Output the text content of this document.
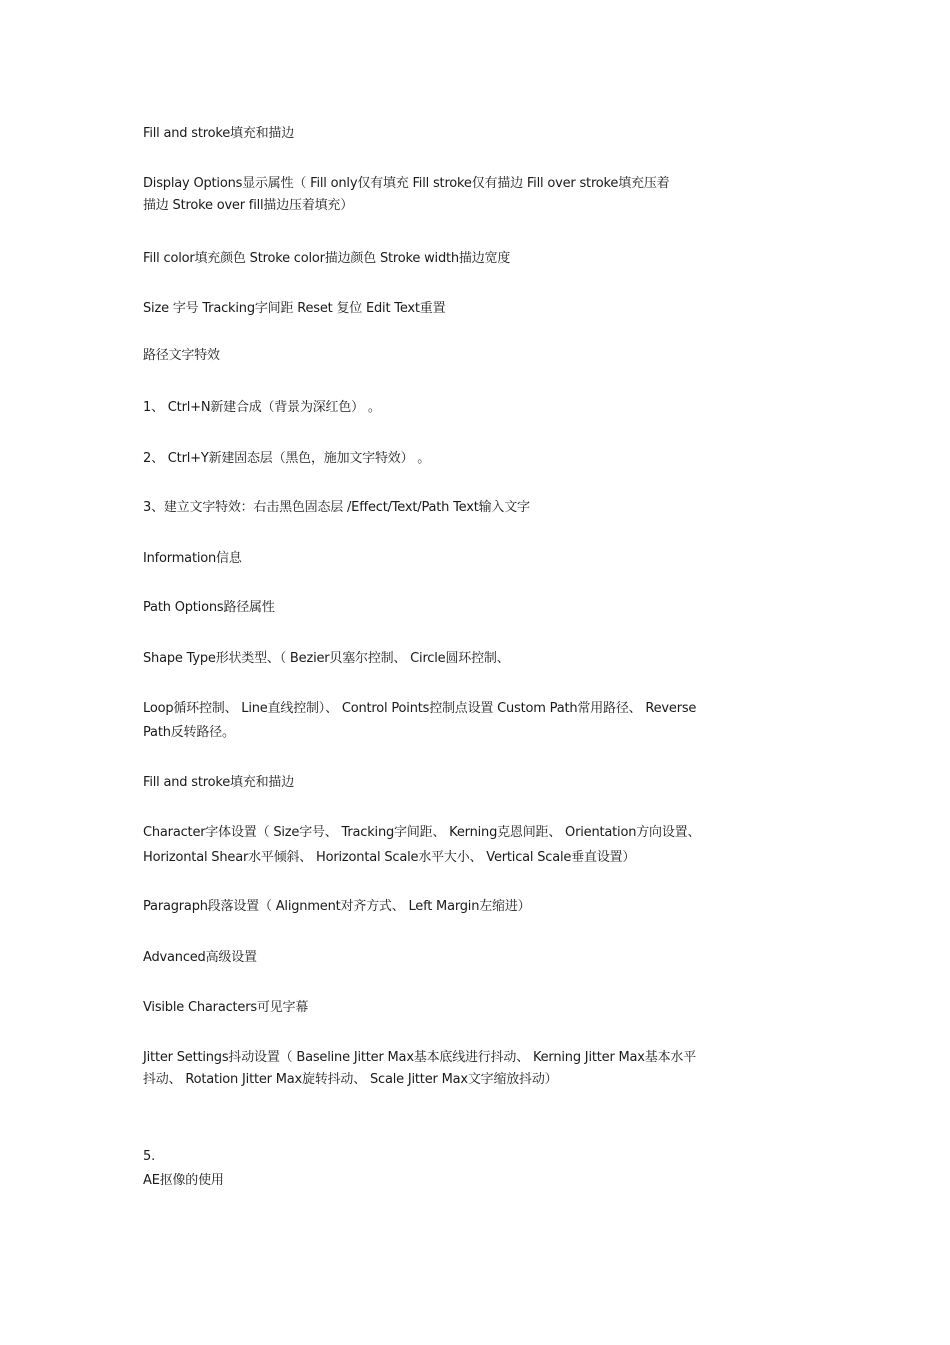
Fill and stroke填充和描边
Display Options显示属性（ Fill only仅有填充 Fill stroke仅有描边 Fill over stroke填充压着
描边 Stroke over fill描边压着填充）
Fill color填充颜色 Stroke color描边颜色 Stroke width描边宽度
Size 字号 Tracking字间距 Reset 复位 Edit Text重置
路径文字特效
1、 Ctrl+N新建合成（背景为深红色） 。
2、 Ctrl+Y新建固态层（黑色，施加文字特效） 。
3、建立文字特效：右击黑色固态层 /Effect/Text/Path Text输入文字
Information信息
Path Options路径属性
Shape Type形状类型、（ Bezier贝塞尔控制、 Circle圆环控制、
Loop循环控制、 Line直线控制）、 Control Points控制点设置 Custom Path常用路径、 Reverse
Path反转路径。
Fill and stroke填充和描边
Character字体设置（ Size字号、 Tracking字间距、 Kerning克恩间距、 Orientation方向设置、
Horizontal Shear水平倾斜、 Horizontal Scale水平大小、 Vertical Scale垂直设置）
Paragraph段落设置（ Alignment对齐方式、 Left Margin左缩进）
Advanced高级设置
Visible Characters可见字幕
Jitter Settings抖动设置（ Baseline Jitter Max基本底线进行抖动、 Kerning Jitter Max基本水平
抖动、 Rotation Jitter Max旋转抖动、 Scale Jitter Max文字缩放抖动）
5.
AE抠像的使用
